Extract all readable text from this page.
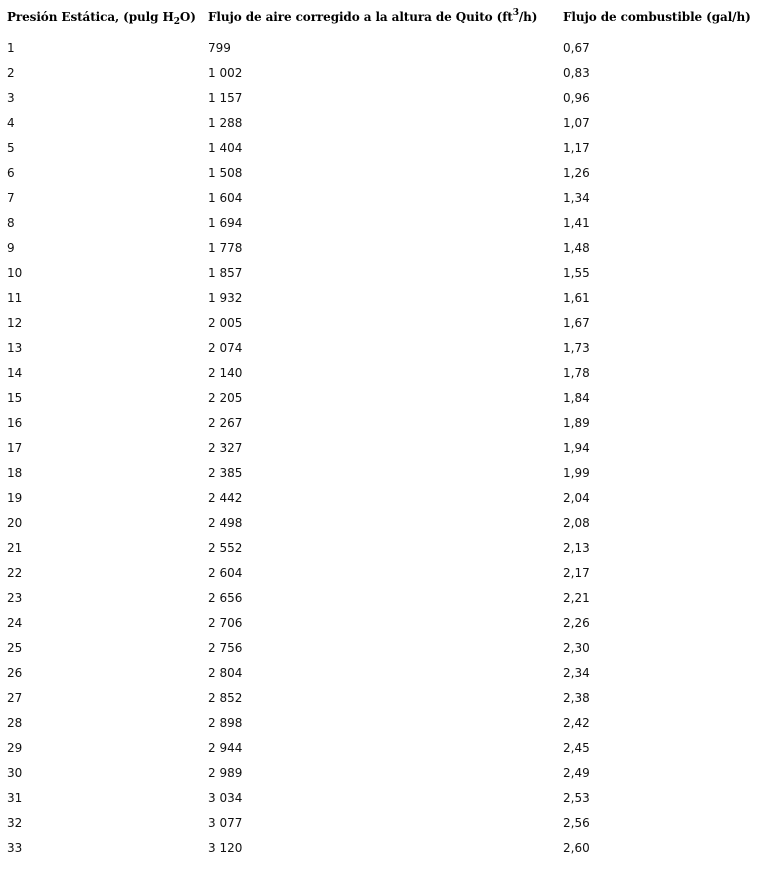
Presión Estática, (pulg $H_2O$)	Flujo de aire corregido a la altura de Quito $(ft^3/h)$	Flujo de combustible (gal/h)
1	799	0,67
2	1 002	0,83
3	1 157	0,96
4	1 288	1,07
5	1 404	1,17
6	1 508	1,26
7	1 604	1,34
8	1 694	1,41
9	1 778	1,48
10	1 857	1,55
11	1 932	1,61
12	2 005	1,67
13	2 074	1,73
14	2 140	1,78
15	2 205	1,84
16	2 267	1,89
17	2 327	1,94
18	2 385	1,99
19	2 442	2,04
20	2 498	2,08
21	2 552	2,13
22	2 604	2,17
23	2 656	2,21
24	2 706	2,26
25	2 756	2,30
26	2 804	2,34
27	2 852	2,38
28	2 898	2,42
29	2 944	2,45
30	2 989	2,49
31	3 034	2,53
32	3 077	2,56
33	3 120	2,60
